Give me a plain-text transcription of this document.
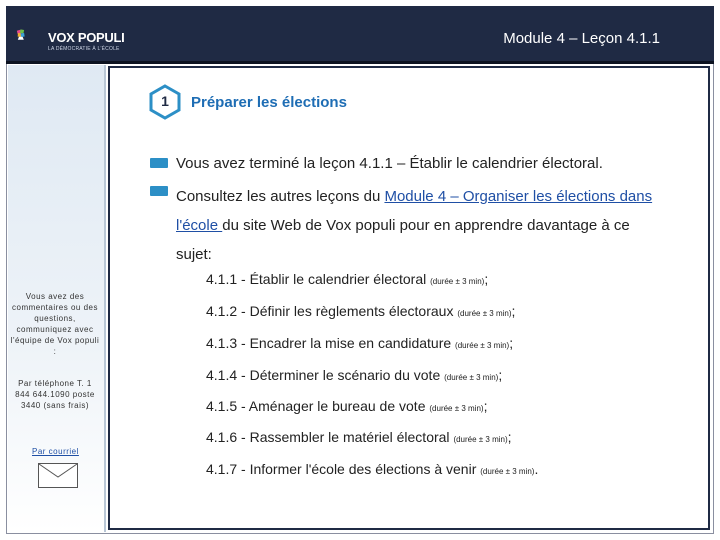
VOX POPULI
LA DÉMOCRATIE À L'ÉCOLE
Module 4 – Leçon 4.1.1
Vous avez des commentaires ou des questions, communiquez avec l'équipe de Vox populi :
Par téléphone T. 1 844 644.1090 poste 3440 (sans frais)
Par courriel
1	Préparer les élections
Vous avez terminé la leçon 4.1.1 – Établir le calendrier électoral.
Consultez les autres leçons du Module 4 – Organiser les élections dans l'école du site Web de Vox populi pour en apprendre davantage à ce sujet:
4.1.1 - Établir le calendrier électoral (durée ± 3 min);
4.1.2 - Définir les règlements électoraux (durée ± 3 min);
4.1.3 - Encadrer la mise en candidature (durée ± 3 min);
4.1.4 - Déterminer le scénario du vote (durée ± 3 min);
4.1.5 - Aménager le bureau de vote (durée ± 3 min);
4.1.6 - Rassembler le matériel électoral (durée ± 3 min);
4.1.7 - Informer l'école des élections à venir (durée ± 3 min).
